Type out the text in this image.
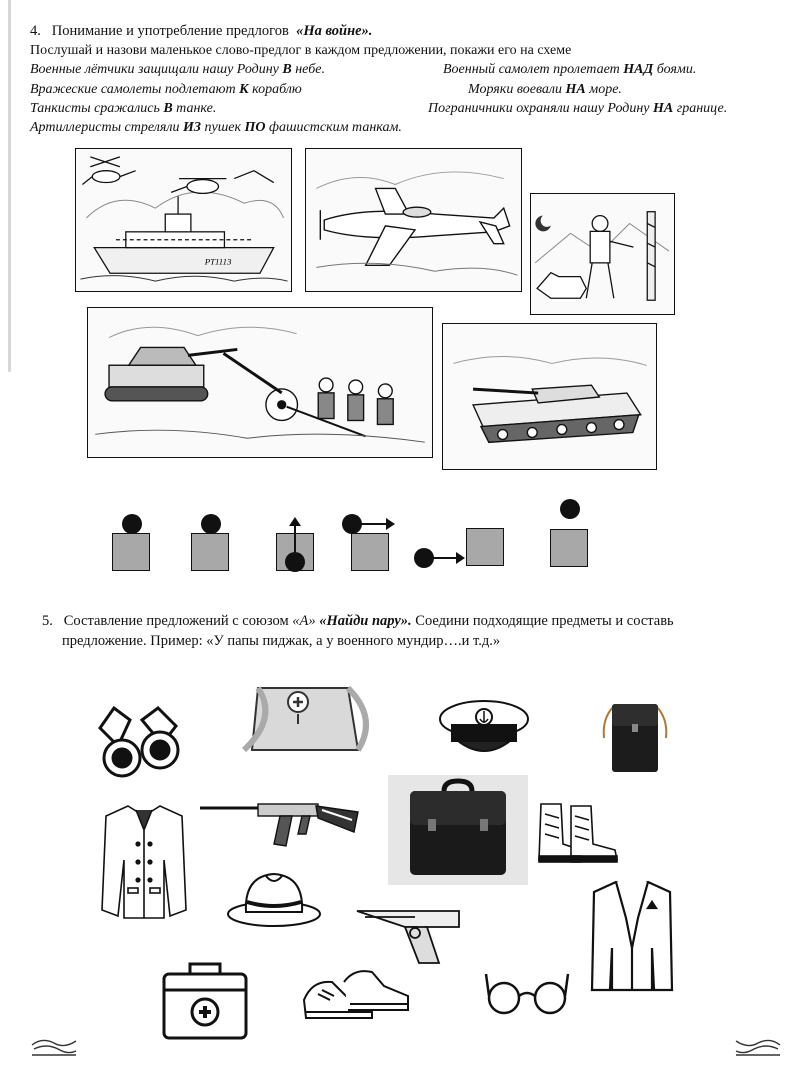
4. Понимание и употребление предлогов «На войне».
Послушай и назови маленькое слово-предлог в каждом предложении, покажи его на схеме
Военные лётчики защищали нашу Родину В небе.	Военный самолет пролетает НАД боями.
Вражеские самолеты подлетают К кораблю	Моряки воевали НА море.
Танкисты сражались В танке.	Пограничники охраняли нашу Родину НА границе.
Артиллеристы стреляли ИЗ пушек ПО фашистским танкам.
PT1113
5. Составление предложений с союзом «А» «Найди пару». Соедини подходящие предметы и составь
предложение. Пример: «У папы пиджак, а у военного мундир….и т.д.»
